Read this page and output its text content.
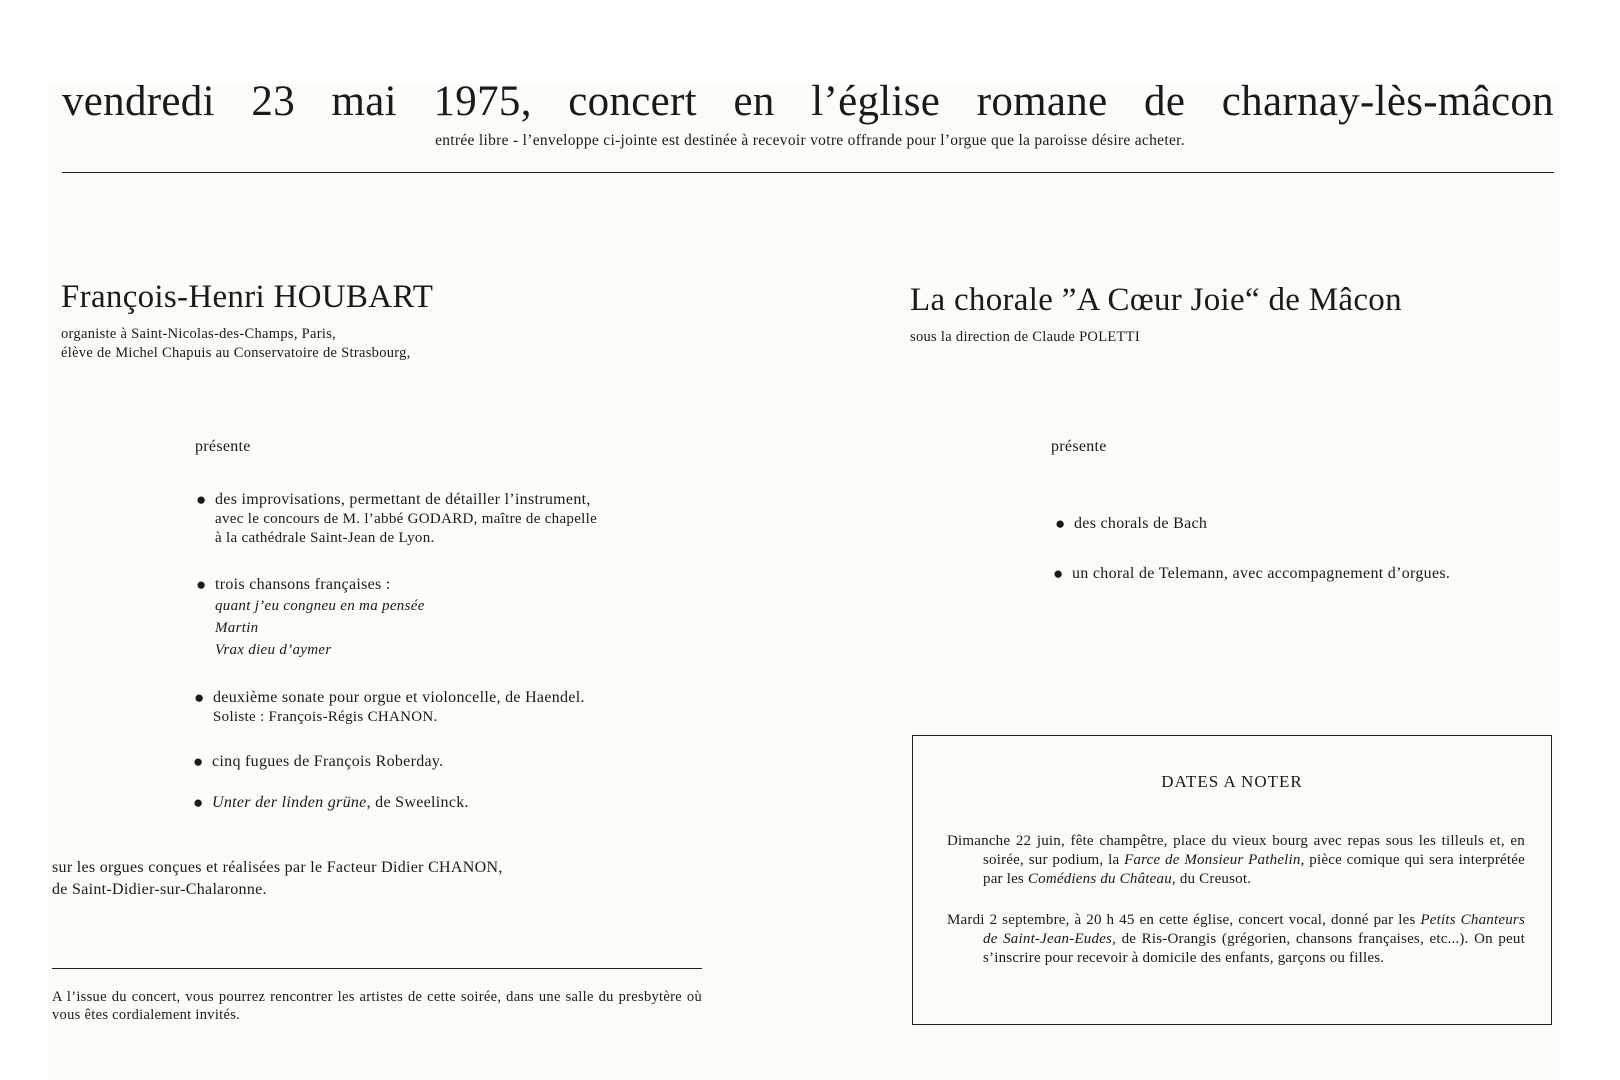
vendredi 23 mai 1975, concert en l’église romane de charnay-lès-mâcon
entrée libre - l’enveloppe ci-jointe est destinée à recevoir votre offrande pour l’orgue que la paroisse désire acheter.
François-Henri HOUBART
organiste à Saint-Nicolas-des-Champs, Paris,
élève de Michel Chapuis au Conservatoire de Strasbourg,
présente
● des improvisations, permettant de détailler l’instrument,
avec le concours de M. l’abbé GODARD, maître de chapelle
à la cathédrale Saint-Jean de Lyon.
● trois chansons françaises :
quant j’eu congneu en ma pensée
Martin
Vrax dieu d’aymer
● deuxième sonate pour orgue et violoncelle, de Haendel.
Soliste : François-Régis CHANON.
● cinq fugues de François Roberday.
● Unter der linden grüne, de Sweelinck.
sur les orgues conçues et réalisées par le Facteur Didier CHANON,
de Saint-Didier-sur-Chalaronne.
A l’issue du concert, vous pourrez rencontrer les artistes de cette soirée, dans une salle du presbytère où vous êtes cordialement invités.
La chorale ”A Cœur Joie“ de Mâcon
sous la direction de Claude POLETTI
présente
● des chorals de Bach
● un choral de Telemann, avec accompagnement d’orgues.
DATES A NOTER
Dimanche 22 juin, fête champêtre, place du vieux bourg avec repas sous les tilleuls et, en soirée, sur podium, la Farce de Monsieur Pathelin, pièce comique qui sera interprétée par les Comédiens du Château, du Creusot.
Mardi 2 septembre, à 20 h 45 en cette église, concert vocal, donné par les Petits Chanteurs de Saint-Jean-Eudes, de Ris-Orangis (grégorien, chansons françaises, etc...). On peut s’inscrire pour recevoir à domicile des enfants, garçons ou filles.
